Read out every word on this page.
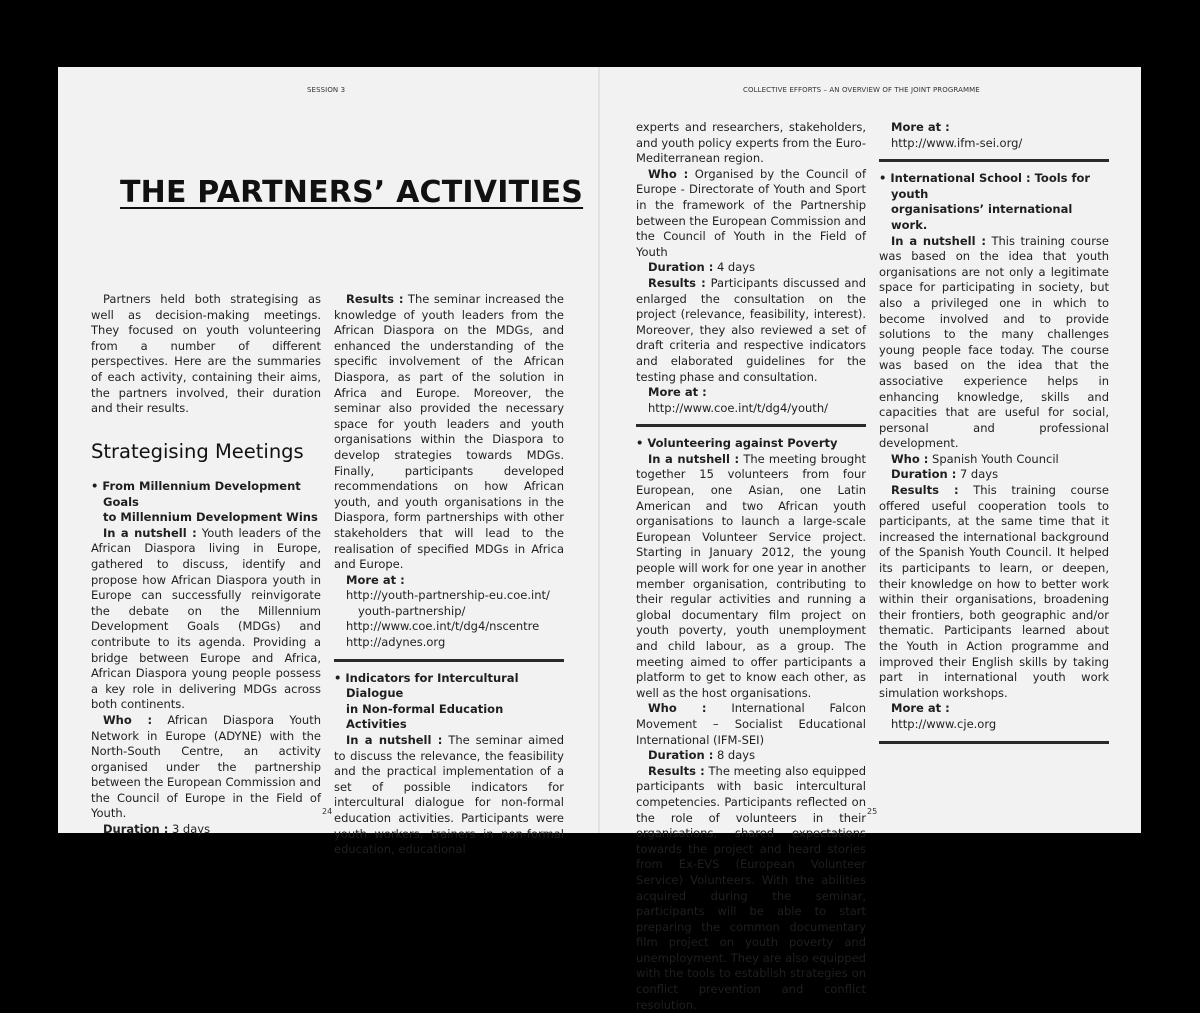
SESSION 3
THE PARTNERS’ ACTIVITIES

Partners held both strategising as well as decision-making meetings. They focused on youth volunteering from a number of different perspectives. Here are the summaries of each activity, containing their aims, the partners involved, their duration and their results.

Strategising Meetings

• From Millennium Development Goals
to Millennium Development Wins

In a nutshell : Youth leaders of the African Diaspora living in Europe, gathered to discuss, identify and propose how African Diaspora youth in Europe can successfully reinvigorate the debate on the Millennium Development Goals (MDGs) and contribute to its agenda. Providing a bridge between Europe and Africa, African Diaspora young people possess a key role in delivering MDGs across both continents.

Who : African Diaspora Youth Network in Europe (ADYNE) with the North-South Centre, an activity organised under the partnership between the European Commission and the Council of Europe in the Field of Youth.

Duration : 3 days

Results : The seminar increased the knowledge of youth leaders from the African Diaspora on the MDGs, and enhanced the understanding of the specific involvement of the African Diaspora, as part of the solution in Africa and Europe. Moreover, the seminar also provided the necessary space for youth leaders and youth organisations within the Diaspora to develop strategies towards MDGs. Finally, participants developed recommendations on how African youth, and youth organisations in the Diaspora, form partnerships with other stakeholders that will lead to the realisation of specified MDGs in Africa and Europe.

More at :

http://youth-partnership-eu.coe.int/
youth-partnership/

http://www.coe.int/t/dg4/nscentre

http://adynes.org

• Indicators for Intercultural Dialogue
in Non-formal Education Activities

In a nutshell : The seminar aimed to discuss the relevance, the feasibility and the practical implementation of a set of possible indicators for intercultural dialogue for non-formal education activities. Participants were youth workers, trainers in non-formal education, educational

24
COLLECTIVE EFFORTS – AN OVERVIEW OF THE JOINT PROGRAMME

experts and researchers, stakeholders, and youth policy experts from the Euro-Mediterranean region.

Who : Organised by the Council of Europe - Directorate of Youth and Sport in the framework of the Partnership between the European Commission and the Council of Youth in the Field of Youth

Duration : 4 days

Results : Participants discussed and enlarged the consultation on the project (relevance, feasibility, interest). Moreover, they also reviewed a set of draft criteria and respective indicators and elaborated guidelines for the testing phase and consultation.

More at :

http://www.coe.int/t/dg4/youth/

• Volunteering against Poverty

In a nutshell : The meeting brought together 15 volunteers from four European, one Asian, one Latin American and two African youth organisations to launch a large-scale European Volunteer Service project. Starting in January 2012, the young people will work for one year in another member organisation, contributing to their regular activities and running a global documentary film project on youth poverty, youth unemployment and child labour, as a group. The meeting aimed to offer participants a platform to get to know each other, as well as the host organisations.

Who : International Falcon Movement – Socialist Educational International (IFM-SEI)

Duration : 8 days

Results : The meeting also equipped participants with basic intercultural competencies. Participants reflected on the role of volunteers in their organisations, shared expectations towards the project and heard stories from Ex-EVS (European Volunteer Service) Volunteers. With the abilities acquired during the seminar, participants will be able to start preparing the common documentary film project on youth poverty and unemployment. They are also equipped with the tools to establish strategies on conflict prevention and conflict resolution.

More at :

http://www.ifm-sei.org/

• International School : Tools for youth
organisations’ international work.

In a nutshell : This training course was based on the idea that youth organisations are not only a legitimate space for participating in society, but also a privileged one in which to become involved and to provide solutions to the many challenges young people face today. The course was based on the idea that the associative experience helps in enhancing knowledge, skills and capacities that are useful for social, personal and professional development.

Who : Spanish Youth Council

Duration : 7 days

Results : This training course offered useful cooperation tools to participants, at the same time that it increased the international background of the Spanish Youth Council. It helped its participants to learn, or deepen, their knowledge on how to better work within their organisations, broadening their frontiers, both geographic and/or thematic. Participants learned about the Youth in Action programme and improved their English skills by taking part in international youth work simulation workshops.

More at :

http://www.cje.org

25
